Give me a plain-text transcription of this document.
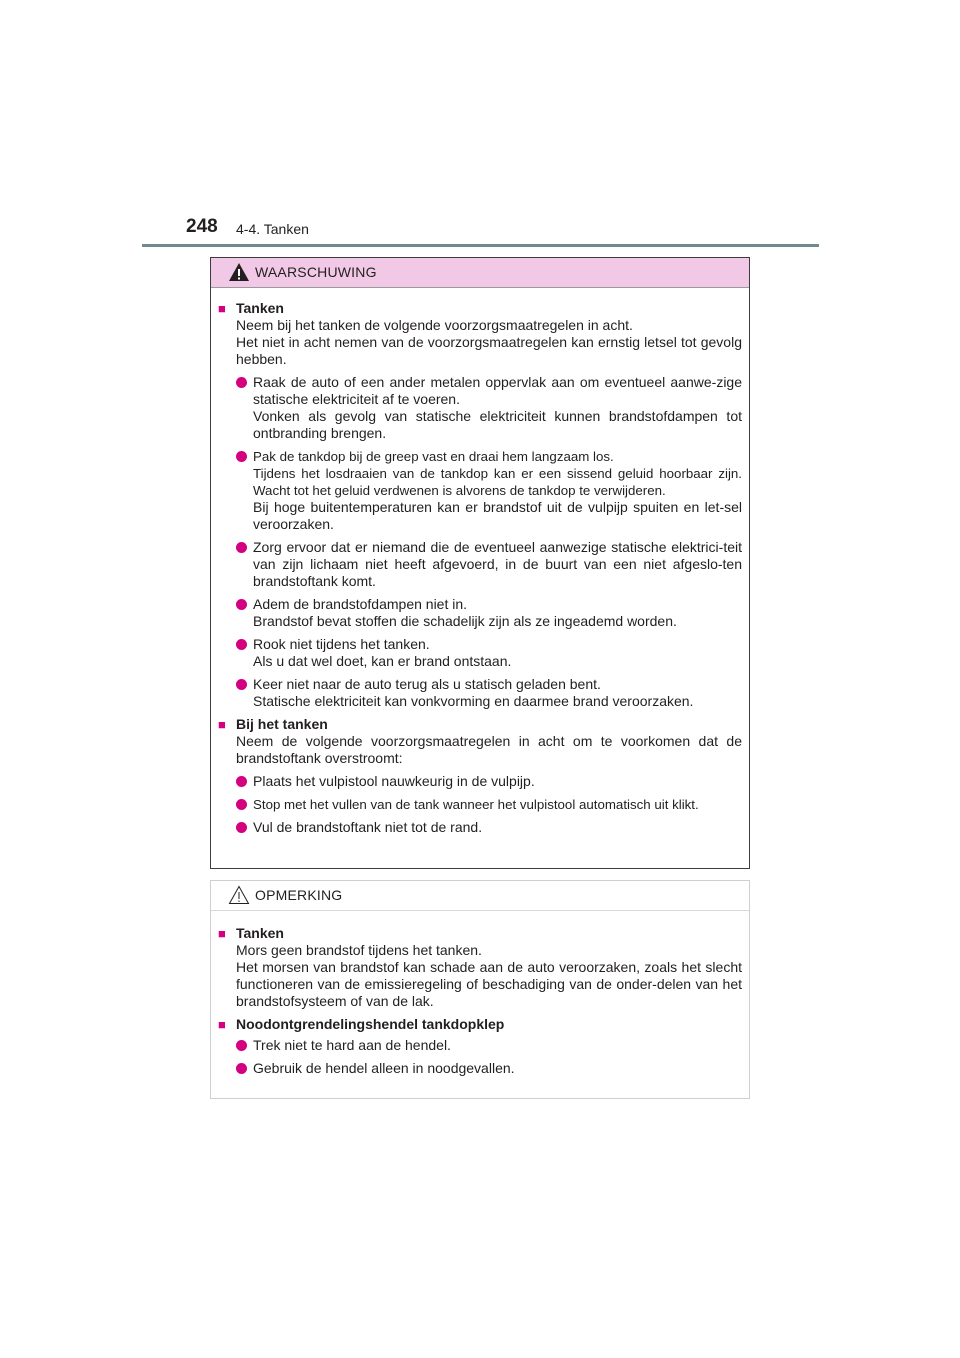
248 4-4. Tanken
WAARSCHUWING
■ Tanken
Neem bij het tanken de volgende voorzorgsmaatregelen in acht.
Het niet in acht nemen van de voorzorgsmaatregelen kan ernstig letsel tot gevolg hebben.
Raak de auto of een ander metalen oppervlak aan om eventueel aanwe-zige statische elektriciteit af te voeren.
Vonken als gevolg van statische elektriciteit kunnen brandstofdampen tot ontbranding brengen.
Pak de tankdop bij de greep vast en draai hem langzaam los.
Tijdens het losdraaien van de tankdop kan er een sissend geluid hoorbaar zijn. Wacht tot het geluid verdwenen is alvorens de tankdop te verwijderen.
Bij hoge buitentemperaturen kan er brandstof uit de vulpijp spuiten en let-sel veroorzaken.
Zorg ervoor dat er niemand die de eventueel aanwezige statische elektrici-teit van zijn lichaam niet heeft afgevoerd, in de buurt van een niet afgeslo-ten brandstoftank komt.
Adem de brandstofdampen niet in.
Brandstof bevat stoffen die schadelijk zijn als ze ingeademd worden.
Rook niet tijdens het tanken.
Als u dat wel doet, kan er brand ontstaan.
Keer niet naar de auto terug als u statisch geladen bent.
Statische elektriciteit kan vonkvorming en daarmee brand veroorzaken.
■ Bij het tanken
Neem de volgende voorzorgsmaatregelen in acht om te voorkomen dat de brandstoftank overstroomt:
Plaats het vulpistool nauwkeurig in de vulpijp.
Stop met het vullen van de tank wanneer het vulpistool automatisch uit klikt.
Vul de brandstoftank niet tot de rand.
OPMERKING
■ Tanken
Mors geen brandstof tijdens het tanken.
Het morsen van brandstof kan schade aan de auto veroorzaken, zoals het slecht functioneren van de emissieregeling of beschadiging van de onder-delen van het brandstofsysteem of van de lak.
■ Noodontgrendelingshendel tankdopklep
Trek niet te hard aan de hendel.
Gebruik de hendel alleen in noodgevallen.
